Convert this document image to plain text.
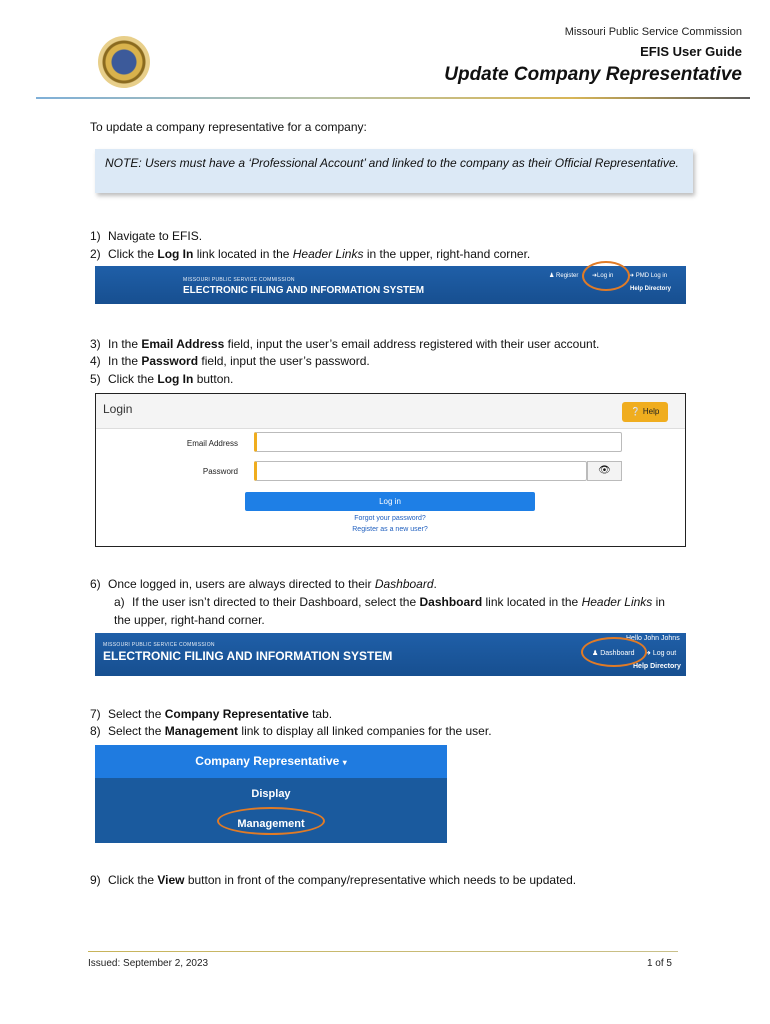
Missouri Public Service Commission
EFIS User Guide
Update Company Representative
To update a company representative for a company:
NOTE: Users must have a ‘Professional Account’ and linked to the company as their Official Representative.
1) Navigate to EFIS.
2) Click the Log In link located in the Header Links in the upper, right-hand corner.
MISSOURI PUBLIC SERVICE COMMISSION
ELECTRONIC FILING AND INFORMATION SYSTEM
♟ Register ➜Log in	➜ PMD Log in
Help Directory
3) In the Email Address field, input the user’s email address registered with their user account.
4) In the Password field, input the user’s password.
5) Click the Log In button.
Login	❔ Help
Email Address
Password	👁
Log in
Forgot your password?
Register as a new user?
6) Once logged in, users are always directed to their Dashboard.
a) If the user isn’t directed to their Dashboard, select the Dashboard link located in the Header Links in the upper, right-hand corner.
MISSOURI PUBLIC SERVICE COMMISSION
ELECTRONIC FILING AND INFORMATION SYSTEM
Hello John Johns
♟ Dashboard ➜ Log out
Help Directory
7) Select the Company Representative tab.
8) Select the Management link to display all linked companies for the user.
Company Representative ▾
Display
Management
9) Click the View button in front of the company/representative which needs to be updated.
Issued: September 2, 2023	1 of 5
